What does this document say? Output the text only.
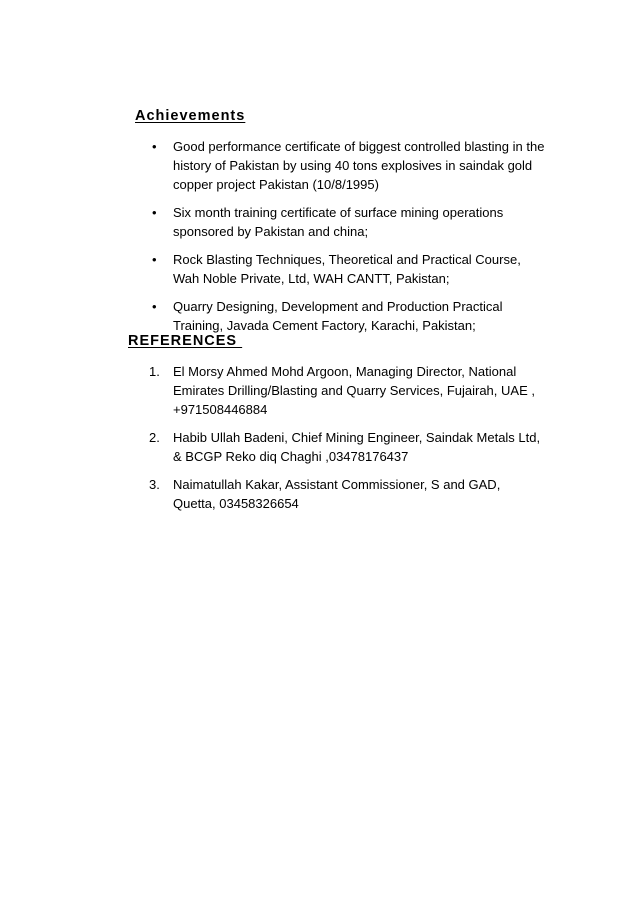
Achievements
• Good performance certificate of biggest controlled blasting in the
history of Pakistan by using 40 tons explosives in saindak gold
copper project Pakistan (10/8/1995)
• Six month training certificate of surface mining operations
sponsored by Pakistan and china;
• Rock Blasting Techniques, Theoretical and Practical Course,
Wah Noble Private, Ltd, WAH CANTT, Pakistan;
• Quarry Designing, Development and Production Practical
Training, Javada Cement Factory, Karachi, Pakistan;
REFERENCES
1. El Morsy Ahmed Mohd Argoon, Managing Director, National
Emirates Drilling/Blasting and Quarry Services, Fujairah, UAE ,
+971508446884
2. Habib Ullah Badeni, Chief Mining Engineer, Saindak Metals Ltd,
& BCGP Reko diq Chaghi ,03478176437
3. Naimatullah Kakar, Assistant Commissioner, S and GAD,
Quetta, 03458326654
